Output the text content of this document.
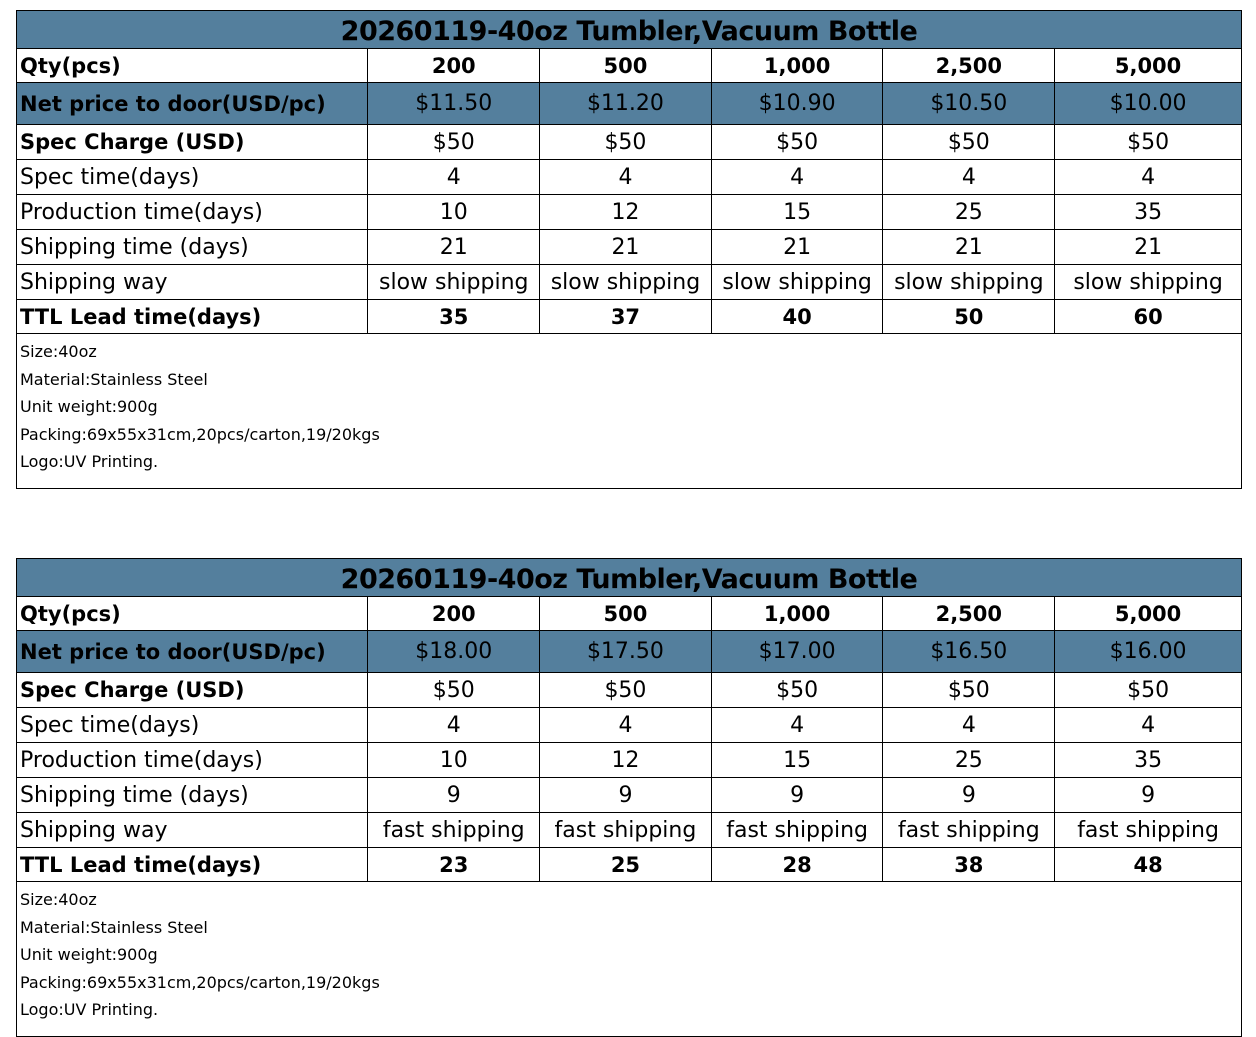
20260119-40oz Tumbler,Vacuum Bottle					
Qty(pcs)	200	500	1,000	2,500	5,000
Net price to door(USD/pc)	$11.50	$11.20	$10.90	$10.50	$10.00
Spec Charge (USD)	$50	$50	$50	$50	$50
Spec time(days)	4	4	4	4	4
Production time(days)	10	12	15	25	35
Shipping time (days)	21	21	21	21	21
Shipping way	slow shipping	slow shipping	slow shipping	slow shipping	slow shipping
TTL Lead time(days)	35	37	40	50	60

Size:40oz
Material:Stainless Steel
Unit weight:900g
Packing:69x55x31cm,20pcs/carton,19/20kgs
Logo:UV Printing.					
20260119-40oz Tumbler,Vacuum Bottle					
Qty(pcs)	200	500	1,000	2,500	5,000
Net price to door(USD/pc)	$18.00	$17.50	$17.00	$16.50	$16.00
Spec Charge (USD)	$50	$50	$50	$50	$50
Spec time(days)	4	4	4	4	4
Production time(days)	10	12	15	25	35
Shipping time (days)	9	9	9	9	9
Shipping way	fast shipping	fast shipping	fast shipping	fast shipping	fast shipping
TTL Lead time(days)	23	25	28	38	48

Size:40oz
Material:Stainless Steel
Unit weight:900g
Packing:69x55x31cm,20pcs/carton,19/20kgs
Logo:UV Printing.					
